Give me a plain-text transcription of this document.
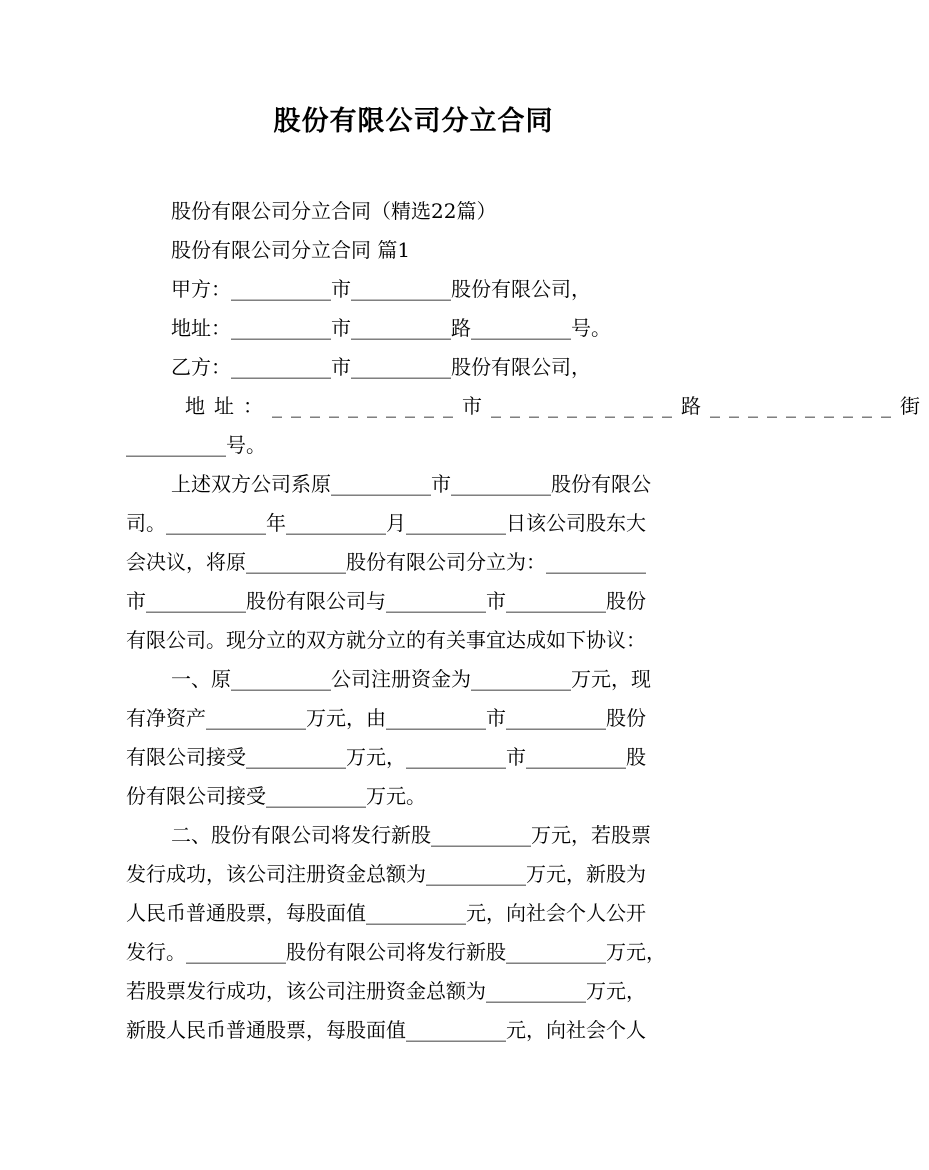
股份有限公司分立合同
股份有限公司分立合同（精选22篇）
股份有限公司分立合同 篇1
甲方：__________市__________股份有限公司，
地址：__________市__________路__________号。
乙方：__________市__________股份有限公司，
地址：__________市__________路__________街
__________号。
上述双方公司系原__________市__________股份有限公
司。__________年__________月__________日该公司股东大
会决议，将原__________股份有限公司分立为：__________
市__________股份有限公司与__________市__________股份
有限公司。现分立的双方就分立的有关事宜达成如下协议：
一、原__________公司注册资金为__________万元，现
有净资产__________万元，由__________市__________股份
有限公司接受__________万元，__________市__________股
份有限公司接受__________万元。
二、股份有限公司将发行新股__________万元，若股票
发行成功，该公司注册资金总额为__________万元，新股为
人民币普通股票，每股面值__________元，向社会个人公开
发行。__________股份有限公司将发行新股__________万元，
若股票发行成功，该公司注册资金总额为__________万元，
新股人民币普通股票，每股面值__________元，向社会个人
